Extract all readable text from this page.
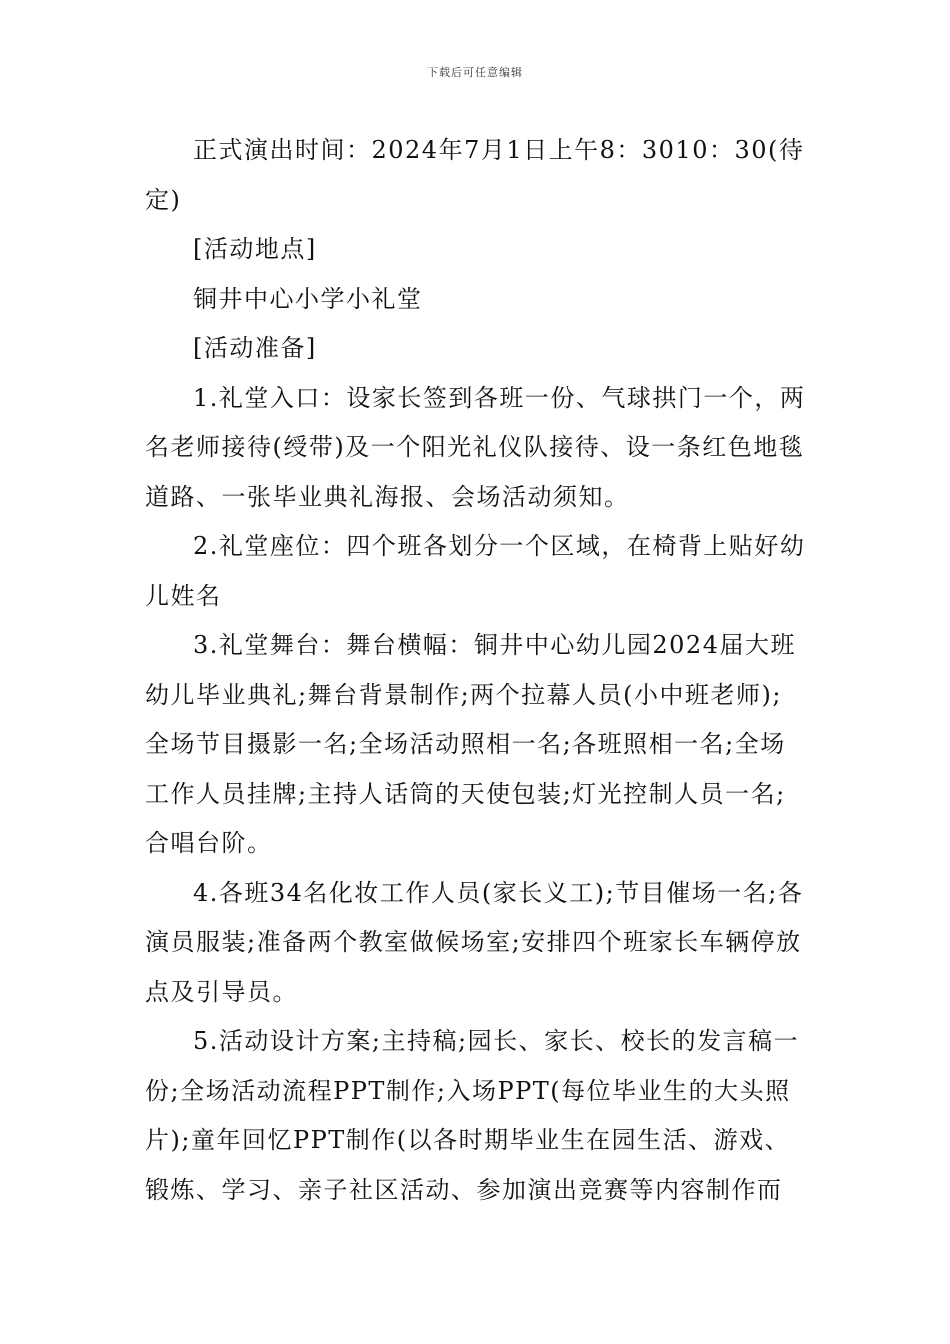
下载后可任意编辑

正式演出时间：2024年7月1日上午8：3010：30(待定)

[活动地点]

铜井中心小学小礼堂

[活动准备]

1.礼堂入口：设家长签到各班一份、气球拱门一个，两名老师接待(绶带)及一个阳光礼仪队接待、设一条红色地毯道路、一张毕业典礼海报、会场活动须知。

2.礼堂座位：四个班各划分一个区域，在椅背上贴好幼儿姓名

3.礼堂舞台：舞台横幅：铜井中心幼儿园2024届大班幼儿毕业典礼;舞台背景制作;两个拉幕人员(小中班老师);全场节目摄影一名;全场活动照相一名;各班照相一名;全场工作人员挂牌;主持人话筒的天使包装;灯光控制人员一名;合唱台阶。

4.各班34名化妆工作人员(家长义工);节目催场一名;各演员服装;准备两个教室做候场室;安排四个班家长车辆停放点及引导员。

5.活动设计方案;主持稿;园长、家长、校长的发言稿一份;全场活动流程PPT制作;入场PPT(每位毕业生的大头照片);童年回忆PPT制作(以各时期毕业生在园生活、游戏、锻炼、学习、亲子社区活动、参加演出竞赛等内容制作而
